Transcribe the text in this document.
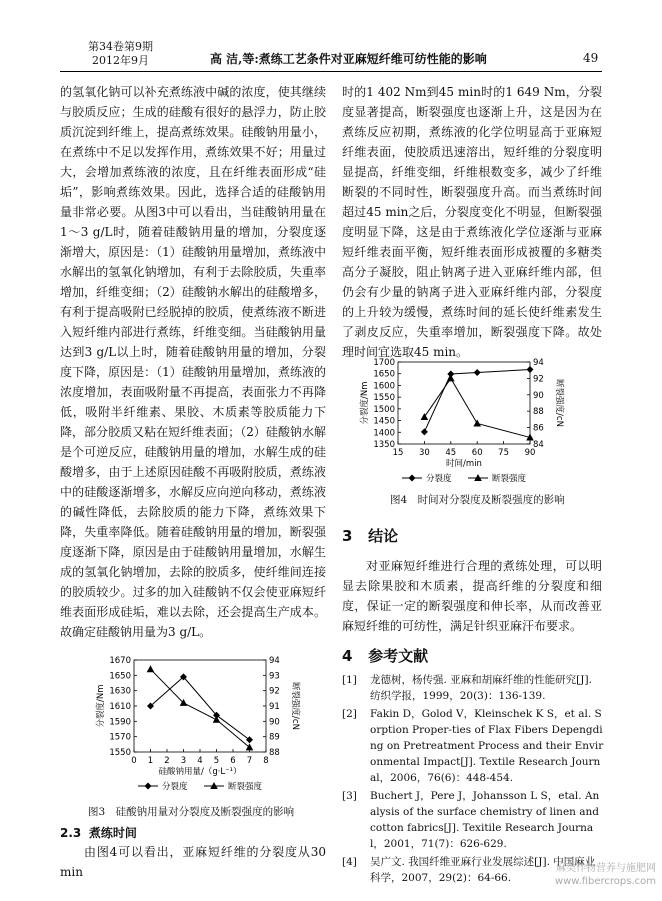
第34卷第9期
2012年9月	高 洁,等:煮练工艺条件对亚麻短纤维可纺性能的影响	49

的氢氧化钠可以补充煮练液中碱的浓度，使其继续与胶质反应；生成的硅酸有很好的悬浮力，防止胶质沉淀到纤维上，提高煮练效果。硅酸钠用量小，在煮练中不足以发挥作用，煮练效果不好；用量过大，会增加煮练液的浓度，且在纤维表面形成“硅垢”，影响煮练效果。因此，选择合适的硅酸钠用量非常必要。从图3中可以看出，当硅酸钠用量在1～3 g/L时，随着硅酸钠用量的增加，分裂度逐渐增大，原因是：（1）硅酸钠用量增加，煮练液中水解出的氢氧化钠增加，有利于去除胶质，失重率增加，纤维变细；（2）硅酸钠水解出的硅酸增多，有利于提高吸附已经脱掉的胶质，使煮练液不断进入短纤维内部进行煮练，纤维变细。当硅酸钠用量达到3 g/L以上时，随着硅酸钠用量的增加，分裂度下降，原因是：（1）硅酸钠用量增加，煮练液的浓度增加，表面吸附量不再提高，表面张力不再降低，吸附半纤维素、果胶、木质素等胶质能力下降，部分胶质又粘在短纤维表面；（2）硅酸钠水解是个可逆反应，硅酸钠用量的增加，水解生成的硅酸增多，由于上述原因硅酸不再吸附胶质，煮练液中的硅酸逐渐增多，水解反应向逆向移动，煮练液的碱性降低，去除胶质的能力下降，煮练效果下降，失重率降低。随着硅酸钠用量的增加，断裂强度逐渐下降，原因是由于硅酸钠用量增加，水解生成的氢氧化钠增加，去除的胶质多，使纤维间连接的胶质较少。过多的加入硅酸钠不仅会使亚麻短纤维表面形成硅垢，难以去除，还会提高生产成本。故确定硅酸钠用量为3 g/L。

时的1 402 Nm到45 min时的1 649 Nm，分裂度显著提高，断裂强度也逐渐上升，这是因为在煮练反应初期，煮练液的化学位明显高于亚麻短纤维表面，使胶质迅速溶出，短纤维的分裂度明显提高，纤维变细，纤维根数变多，减少了纤维断裂的不同时性，断裂强度升高。而当煮练时间超过45 min之后，分裂度变化不明显，但断裂强度明显下降，这是由于煮练液化学位逐渐与亚麻短纤维表面平衡，短纤维表面形成被覆的多糖类高分子凝胶，阻止钠离子进入亚麻纤维内部，但仍会有少量的钠离子进入亚麻纤维内部，分裂度的上升较为缓慢，煮练时间的延长使纤维素发生了剥皮反应，失重率增加，断裂强度下降。故处理时间宜选取45 min。

15 30 45 60 75 90
1350
1400
1450
1500
1550
1600
1650
1700
84
86
88
90
92
94
时间/min
分裂度/Nm	断裂强度/cN
分裂度	断裂强度
图4　时间对分裂度及断裂强度的影响
3 结论

对亚麻短纤维进行合理的煮练处理，可以明显去除果胶和木质素，提高纤维的分裂度和细度，保证一定的断裂强度和伸长率，从而改善亚麻短纤维的可纺性，满足针织亚麻汗布要求。

4 参考文献
[1]	龙德树，杨传强. 亚麻和胡麻纤维的性能研究[J]. 纺织学报，1999，20(3)：136-139.
[2]	Fakin D，Golod V，Kleinschek K S，et al. Sorption Proper-ties of Flax Fibers Depengding on Pretreatment Process and their Environmental Impact[J]. Textile Research Journal，2006，76(6)：448-454.
[3]	Buchert J，Pere J，Johansson L S，etal. Analysis of the surface chemistry of linen and cotton fabrics[J]. Texitile Research Journal，2001，71(7)：626-629.
[4]	吴广文. 我国纤维亚麻行业发展综述[J]. 中国麻业科学，2007，29(2)：64-66.
0 1 2 3 4 5 6 7 8
1550
1570
1590
1610
1630
1650
1670
88
89
90
91
92
93
94
硅酸钠用量/（g·L⁻¹）
分裂度/Nm	断裂强度/cN
分裂度	断裂强度
图3　硅酸钠用量对分裂度及断裂强度的影响
2.3 煮练时间

由图4可以看出，亚麻短纤维的分裂度从30 min	麻类作物营养与施肥网
www.fibercrops.com
